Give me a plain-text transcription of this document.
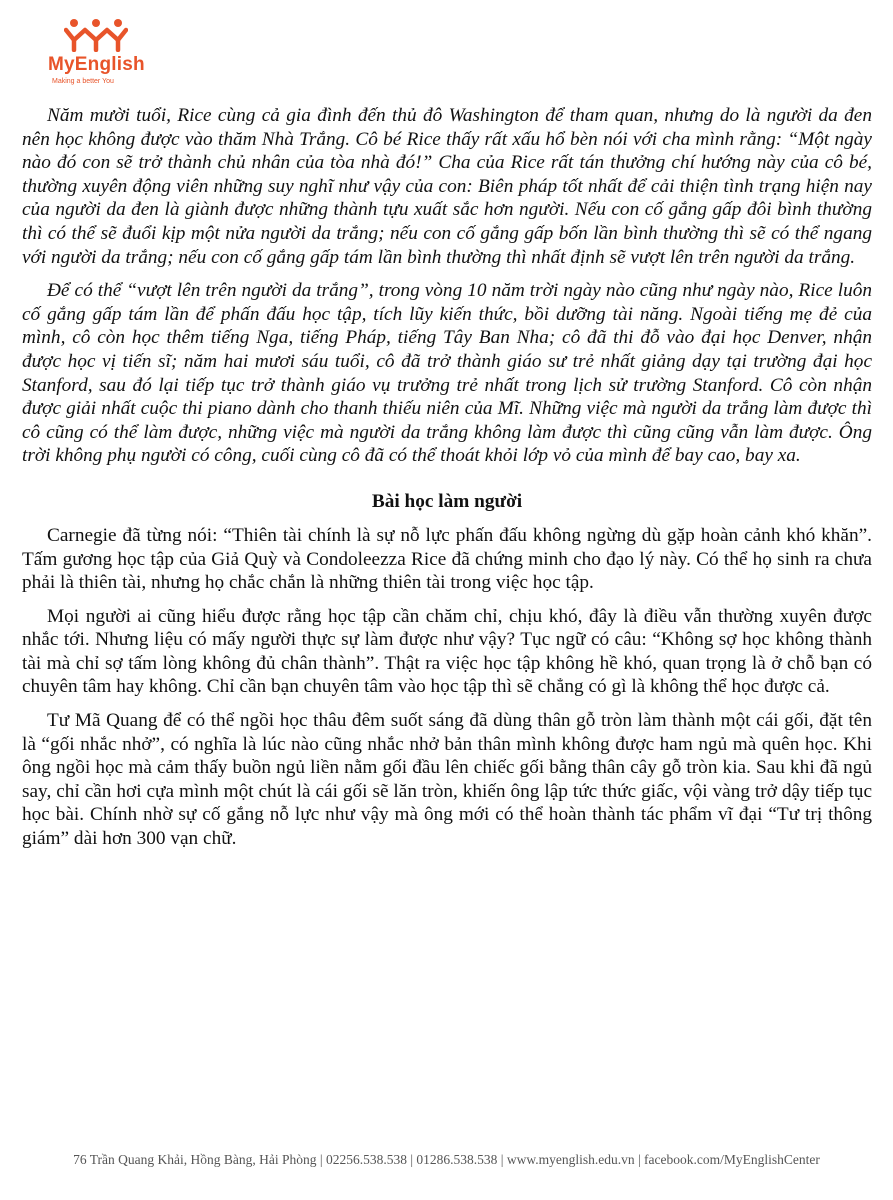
MyEnglish
Making a better You

Năm mười tuổi, Rice cùng cả gia đình đến thủ đô Washington để tham quan, nhưng do là người da đen nên học không được vào thăm Nhà Trắng. Cô bé Rice thấy rất xấu hổ bèn nói với cha mình rằng: “Một ngày nào đó con sẽ trở thành chủ nhân của tòa nhà đó!” Cha của Rice rất tán thưởng chí hướng này của cô bé, thường xuyên động viên những suy nghĩ như vậy của con: Biên pháp tốt nhất để cải thiện tình trạng hiện nay của người da đen là giành được những thành tựu xuất sắc hơn người. Nếu con cố gắng gấp đôi bình thường thì có thể sẽ đuổi kịp một nửa người da trắng; nếu con cố gắng gấp bốn lần bình thường thì sẽ có thể ngang với người da trắng; nếu con cố gắng gấp tám lần bình thường thì nhất định sẽ vượt lên trên người da trắng.

Để có thể “vượt lên trên người da trắng”, trong vòng 10 năm trời ngày nào cũng như ngày nào, Rice luôn cố gắng gấp tám lần để phấn đấu học tập, tích lũy kiến thức, bồi dưỡng tài năng. Ngoài tiếng mẹ đẻ của mình, cô còn học thêm tiếng Nga, tiếng Pháp, tiếng Tây Ban Nha; cô đã thi đỗ vào đại học Denver, nhận được học vị tiến sĩ; năm hai mươi sáu tuổi, cô đã trở thành giáo sư trẻ nhất giảng dạy tại trường đại học Stanford, sau đó lại tiếp tục trở thành giáo vụ trưởng trẻ nhất trong lịch sử trường Stanford. Cô còn nhận được giải nhất cuộc thi piano dành cho thanh thiếu niên của Mĩ. Những việc mà người da trắng làm được thì cô cũng có thể làm được, những việc mà người da trắng không làm được thì cũng cũng vẫn làm được. Ông trời không phụ người có công, cuối cùng cô đã có thể thoát khỏi lớp vỏ của mình để bay cao, bay xa.

Bài học làm người

Carnegie đã từng nói: “Thiên tài chính là sự nỗ lực phấn đấu không ngừng dù gặp hoàn cảnh khó khăn”. Tấm gương học tập của Giả Quỳ và Condoleezza Rice đã chứng minh cho đạo lý này. Có thể họ sinh ra chưa phải là thiên tài, nhưng họ chắc chắn là những thiên tài trong việc học tập.

Mọi người ai cũng hiểu được rằng học tập cần chăm chỉ, chịu khó, đây là điều vẫn thường xuyên được nhắc tới. Nhưng liệu có mấy người thực sự làm được như vậy? Tục ngữ có câu: “Không sợ học không thành tài mà chỉ sợ tấm lòng không đủ chân thành”. Thật ra việc học tập không hề khó, quan trọng là ở chỗ bạn có chuyên tâm hay không. Chỉ cần bạn chuyên tâm vào học tập thì sẽ chẳng có gì là không thể học được cả.

Tư Mã Quang để có thể ngồi học thâu đêm suốt sáng đã dùng thân gỗ tròn làm thành một cái gối, đặt tên là “gối nhắc nhở”, có nghĩa là lúc nào cũng nhắc nhở bản thân mình không được ham ngủ mà quên học. Khi ông ngồi học mà cảm thấy buồn ngủ liền nằm gối đầu lên chiếc gối bằng thân cây gỗ tròn kia. Sau khi đã ngủ say, chỉ cần hơi cựa mình một chút là cái gối sẽ lăn tròn, khiến ông lập tức thức giấc, vội vàng trở dậy tiếp tục học bài. Chính nhờ sự cố gắng nỗ lực như vậy mà ông mới có thể hoàn thành tác phẩm vĩ đại “Tư trị thông giám” dài hơn 300 vạn chữ.

76 Trần Quang Khải, Hồng Bàng, Hải Phòng | 02256.538.538 | 01286.538.538 | www.myenglish.edu.vn | facebook.com/MyEnglishCenter
